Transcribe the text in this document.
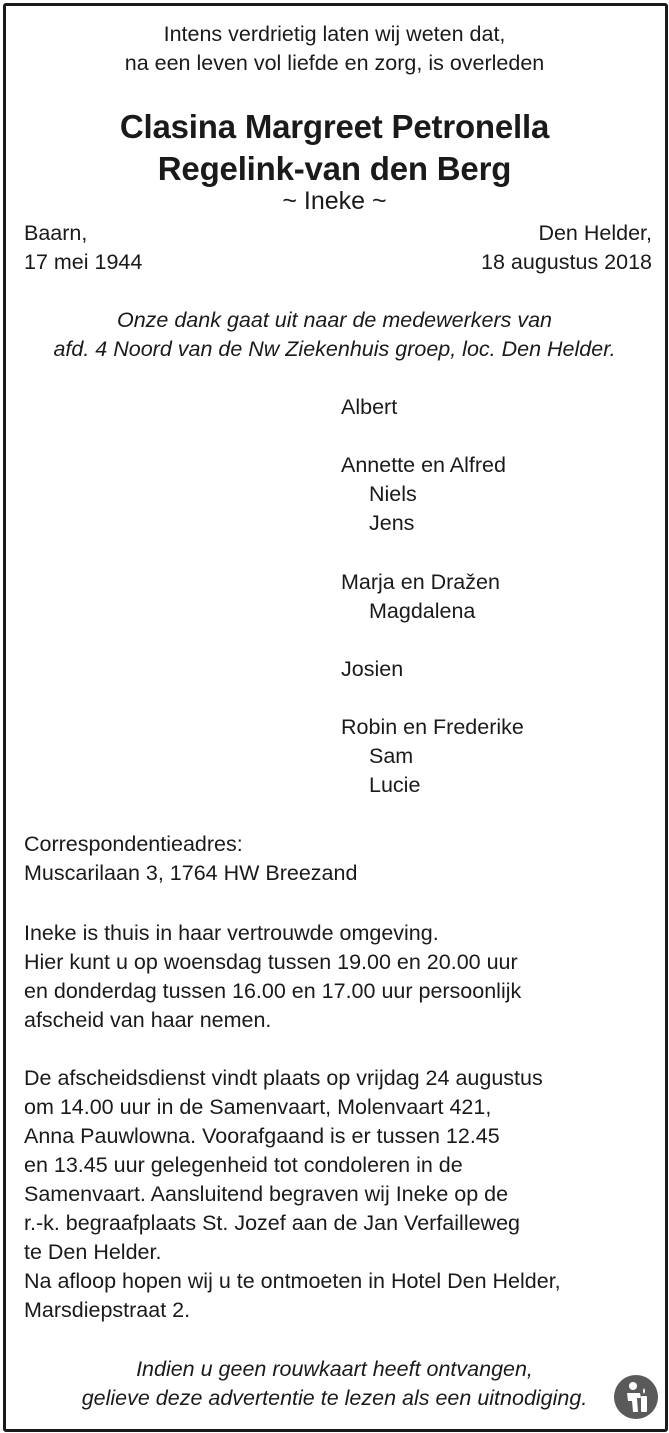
Intens verdrietig laten wij weten dat,
na een leven vol liefde en zorg, is overleden
Clasina Margreet Petronella
Regelink-van den Berg
~ Ineke ~
Baarn,
17 mei 1944
Den Helder,
18 augustus 2018
Onze dank gaat uit naar de medewerkers van
afd. 4 Noord van de Nw Ziekenhuis groep, loc. Den Helder.
Albert
Annette en Alfred
Niels
Jens
Marja en Dražen
Magdalena
Josien
Robin en Frederike
Sam
Lucie
Correspondentieadres:
Muscarilaan 3, 1764 HW Breezand
Ineke is thuis in haar vertrouwde omgeving.
Hier kunt u op woensdag tussen 19.00 en 20.00 uur
en donderdag tussen 16.00 en 17.00 uur persoonlijk
afscheid van haar nemen.
De afscheidsdienst vindt plaats op vrijdag 24 augustus
om 14.00 uur in de Samenvaart, Molenvaart 421,
Anna Pauwlowna. Voorafgaand is er tussen 12.45
en 13.45 uur gelegenheid tot condoleren in de
Samenvaart. Aansluitend begraven wij Ineke op de
r.-k. begraafplaats St. Jozef aan de Jan Verfailleweg
te Den Helder.
Na afloop hopen wij u te ontmoeten in Hotel Den Helder,
Marsdiepstraat 2.
Indien u geen rouwkaart heeft ontvangen,
gelieve deze advertentie te lezen als een uitnodiging.
